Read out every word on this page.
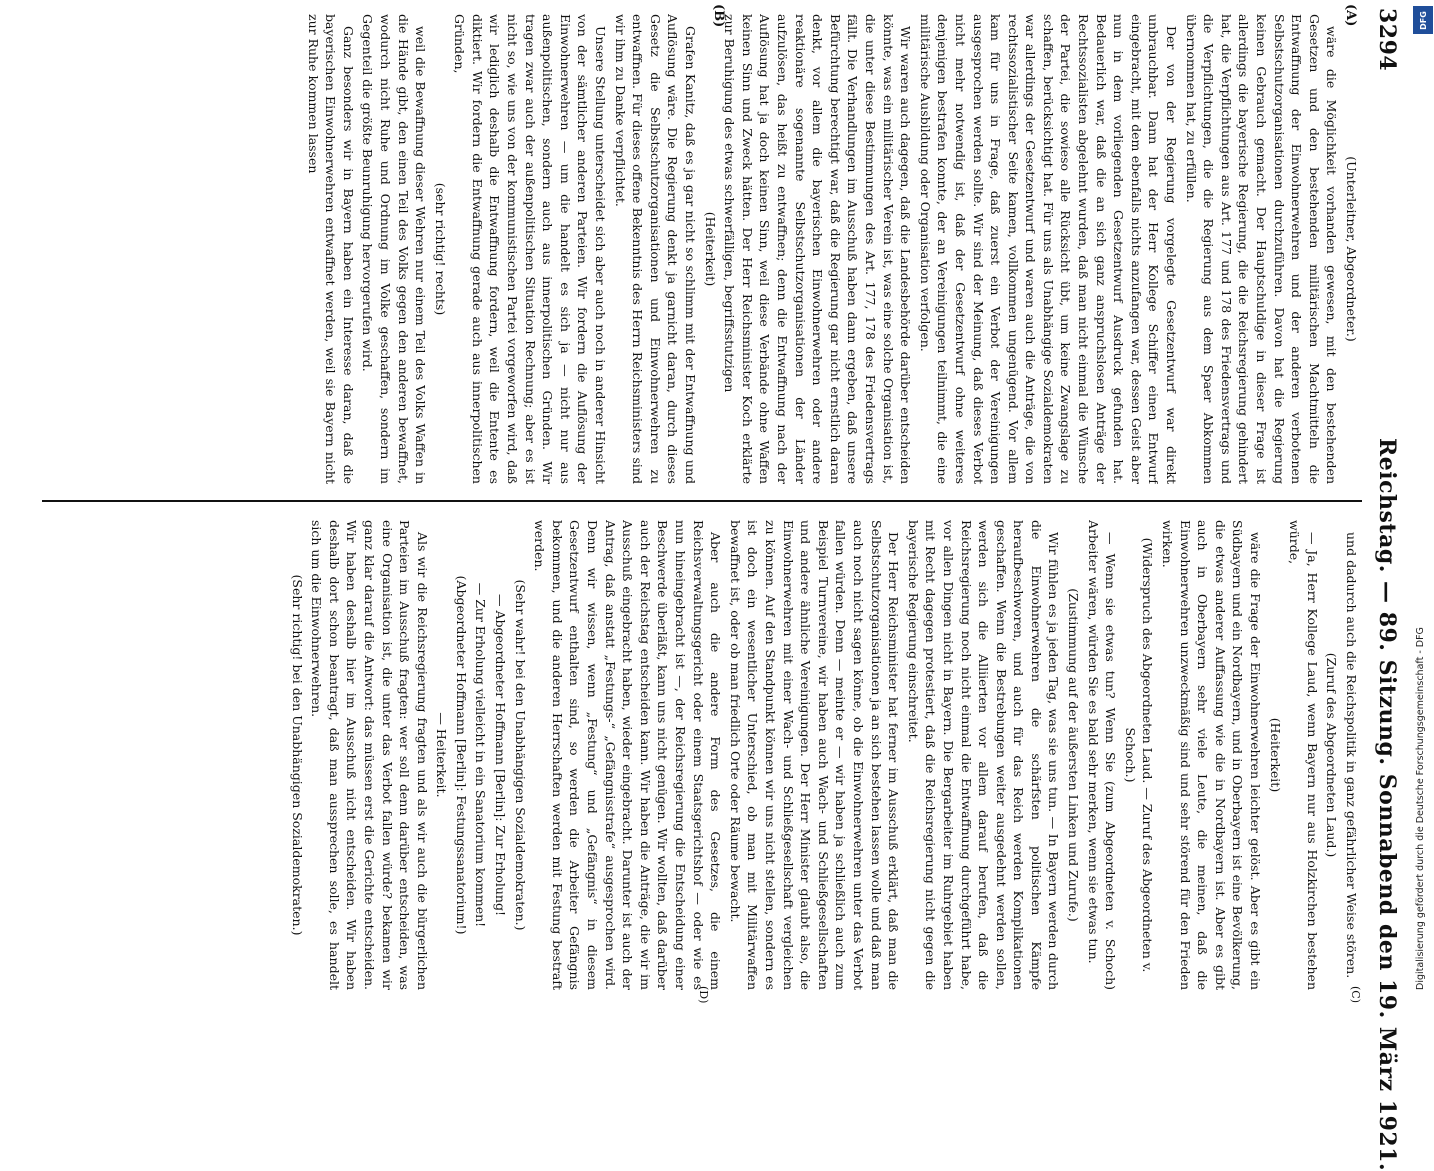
3294
Reichstag. — 89. Sitzung. Sonnabend den 19. März 1921.
(A)
(B)
(C)
(D)

(Unterleitner, Abgeordneter.)

wäre die Möglichkeit vorhanden gewesen, mit den bestehenden Gesetzen und den bestehenden militärischen Machtmitteln die Entwaffnung der Einwohnerwehren und der anderen verbotenen Selbstschutzorganisationen durchzuführen. Davon hat die Regierung keinen Gebrauch gemacht. Der Hauptschuldige in dieser Frage ist allerdings die bayerische Regierung, die die Reichsregierung gehindert hat, die Verpflichtungen aus Art. 177 und 178 des Friedensvertrags und die Verpflichtungen, die die Regierung aus dem Spaer Abkommen übernommen hat, zu erfüllen.

Der von der Regierung vorgelegte Gesetzentwurf war direkt unbrauchbar. Dann hat der Herr Kollege Schiffer einen Entwurf eingebracht, mit dem ebenfalls nichts anzufangen war, dessen Geist aber nun in dem vorliegenden Gesetzentwurf Ausdruck gefunden hat. Bedauerlich war, daß die an sich ganz anspruchslosen Anträge der Rechtssozialisten abgelehnt wurden, daß man nicht einmal die Wünsche der Partei, die sowieso alle Rücksicht übt, um keine Zwangslage zu schaffen, berücksichtigt hat. Für uns als Unabhängige Sozialdemokraten war allerdings der Gesetzentwurf und waren auch die Anträge, die von rechtssozialistischer Seite kamen, vollkommen ungenügend. Vor allem kam für uns in Frage, daß zuerst ein Verbot der Vereinigungen ausgesprochen werden sollte. Wir sind der Meinung, daß dieses Verbot nicht mehr notwendig ist, daß der Gesetzentwurf ohne weiteres denjenigen bestrafen konnte, der an Vereinigungen teilnimmt, die eine militärische Ausbildung oder Organisation verfolgen.

Wir waren auch dagegen, daß die Landesbehörde darüber entscheiden könnte, was ein militärischer Verein ist, was eine solche Organisation ist, die unter diese Bestimmungen des Art. 177, 178 des Friedensvertrags fällt. Die Verhandlungen im Ausschuß haben dann ergeben, daß unsere Befürchtung berechtigt war, daß die Regierung gar nicht ernstlich daran denkt, vor allem die bayerischen Einwohnerwehren oder andere reaktionäre sogenannte Selbstschutzorganisationen der Länder aufzulösen, das heißt zu entwaffnen; denn die Entwaffnung nach der Auflösung hat ja doch keinen Sinn, weil diese Verbände ohne Waffen keinen Sinn und Zweck hätten. Der Herr Reichsminister Koch erklärte zur Beruhigung des etwas schwerfälligen, begriffsstutzigen

(Heiterkeit)

Grafen Kanitz, daß es ja gar nicht so schlimm mit der Entwaffnung und Auflösung wäre. Die Regierung denkt ja garnicht daran, durch dieses Gesetz die Selbstschutzorganisationen und Einwohnerwehren zu entwaffnen. Für dieses offene Bekenntnis des Herrn Reichsministers sind wir ihm zu Danke verpflichtet.

Unsere Stellung unterscheidet sich aber auch noch in anderer Hinsicht von der sämtlicher anderen Parteien. Wir fordern die Auflösung der Einwohnerwehren — um die handelt es sich ja — nicht nur aus außenpolitischen, sondern auch aus innerpolitischen Gründen. Wir tragen zwar auch der außenpolitischen Situation Rechnung; aber es ist nicht so, wie uns von der kommunistischen Partei vorgeworfen wird, daß wir lediglich deshalb die Entwaffnung fordern, weil die Entente es diktiert. Wir fordern die Entwaffnung gerade auch aus innerpolitischen Gründen,

(sehr richtig! rechts)

weil die Bewaffnung dieser Wehren nur einem Teil des Volks Waffen in die Hände gibt, den einen Teil des Volks gegen den anderen bewaffnet, wodurch nicht Ruhe und Ordnung im Volke geschaffen, sondern im Gegenteil die größte Beunruhigung hervorgerufen wird.

Ganz besonders wir in Bayern haben ein Interesse daran, daß die bayerischen Einwohnerwehren entwaffnet werden, weil sie Bayern nicht zur Ruhe kommen lassen

und dadurch auch die Reichspolitik in ganz gefährlicher Weise stören.

(Zuruf des Abgeordneten Laud.)

— Ja, Herr Kollege Laud, wenn Bayern nur aus Holzkirchen bestehen würde,

(Heiterkeit)

wäre die Frage der Einwohnerwehren leichter gelöst. Aber es gibt ein Südbayern und ein Nordbayern, und in Oberbayern ist eine Bevölkerung, die etwas anderer Auffassung wie die in Nordbayern ist. Aber es gibt auch in Oberbayern sehr viele Leute, die meinen, daß die Einwohnerwehren unzweckmäßig sind und sehr störend für den Frieden wirken.

(Widerspruch des Abgeordneten Laud. — Zuruf des Abgeordneten v. Schoch.)

— Wenn sie etwas tun? Wenn Sie (zum Abgeordneten v. Schoch) Arbeiter wären, würden Sie es bald sehr merken, wenn sie etwas tun.

(Zustimmung auf der äußersten Linken und Zurufe.)

Wir fühlen es ja jeden Tag, was sie uns tun. — In Bayern werden durch die Einwohnerwehren die schärfsten politischen Kämpfe heraufbeschworen, und auch für das Reich werden Komplikationen geschaffen. Wenn die Bestrebungen weiter ausgedehnt werden sollen, werden sich die Alliierten vor allem darauf berufen, daß die Reichsregierung noch nicht einmal die Entwaffnung durchgeführt habe, vor allen Dingen nicht in Bayern. Die Bergarbeiter im Ruhrgebiet haben mit Recht dagegen protestiert, daß die Reichsregierung nicht gegen die bayerische Regierung einschreitet.

Der Herr Reichsminister hat ferner im Ausschuß erklärt, daß man die Selbstschutzorganisationen ja an sich bestehen lassen wolle und daß man auch noch nicht sagen könne, ob die Einwohnerwehren unter das Verbot fallen würden. Denn — meinte er — wir haben ja schließlich auch zum Beispiel Turnvereine, wir haben auch Wach- und Schließgesellschaften und andere ähnliche Vereinigungen. Der Herr Minister glaubt also, die Einwohnerwehren mit einer Wach- und Schließgesellschaft vergleichen zu können. Auf den Standpunkt können wir uns nicht stellen, sondern es ist doch ein wesentlicher Unterschied, ob man mit Militärwaffen bewaffnet ist, oder ob man friedlich Orte oder Räume bewacht.

Aber auch die andere Form des Gesetzes, die einem Reichsverwaltungsgericht oder einem Staatsgerichtshof — oder wie es nun hineingebracht ist —, der Reichsregierung die Entscheidung einer Beschwerde überläßt, kann uns nicht genügen. Wir wollten, daß darüber auch der Reichstag entscheiden kann. Wir haben die Anträge, die wir im Ausschuß eingebracht haben, wieder eingebracht. Darunter ist auch der Antrag, daß anstatt „Festungs-“ „Gefängnisstrafe“ ausgesprochen wird. Denn wir wissen, wenn „Festung“ und „Gefängnis“ in diesem Gesetzentwurf enthalten sind, so werden die Arbeiter Gefängnis bekommen, und die anderen Herrschaften werden mit Festung bestraft werden.

(Sehr wahr! bei den Unabhängigen Sozialdemokraten.)

— Abgeordneter Hoffmann [Berlin]: Zur Erholung!

— Zur Erholung vielleicht in ein Sanatorium kommen!

(Abgeordneter Hoffmann [Berlin]: Festungssanatorium!)

— Heiterkeit.

Als wir die Reichsregierung fragten und als wir auch die bürgerlichen Parteien im Ausschuß fragten: wer soll denn darüber entscheiden, was eine Organisation ist, die unter das Verbot fallen würde? bekamen wir ganz klar darauf die Antwort: das müssen erst die Gerichte entscheiden. Wir haben deshalb hier im Ausschuß nicht entscheiden. Wir haben deshalb dort schon beantragt, daß man aussprechen solle, es handelt sich um die Einwohnerwehren.

(Sehr richtig! bei den Unabhängigen Sozialdemokraten.)

DFG
Digitalisierung gefördert durch die Deutsche Forschungsgemeinschaft - DFG
